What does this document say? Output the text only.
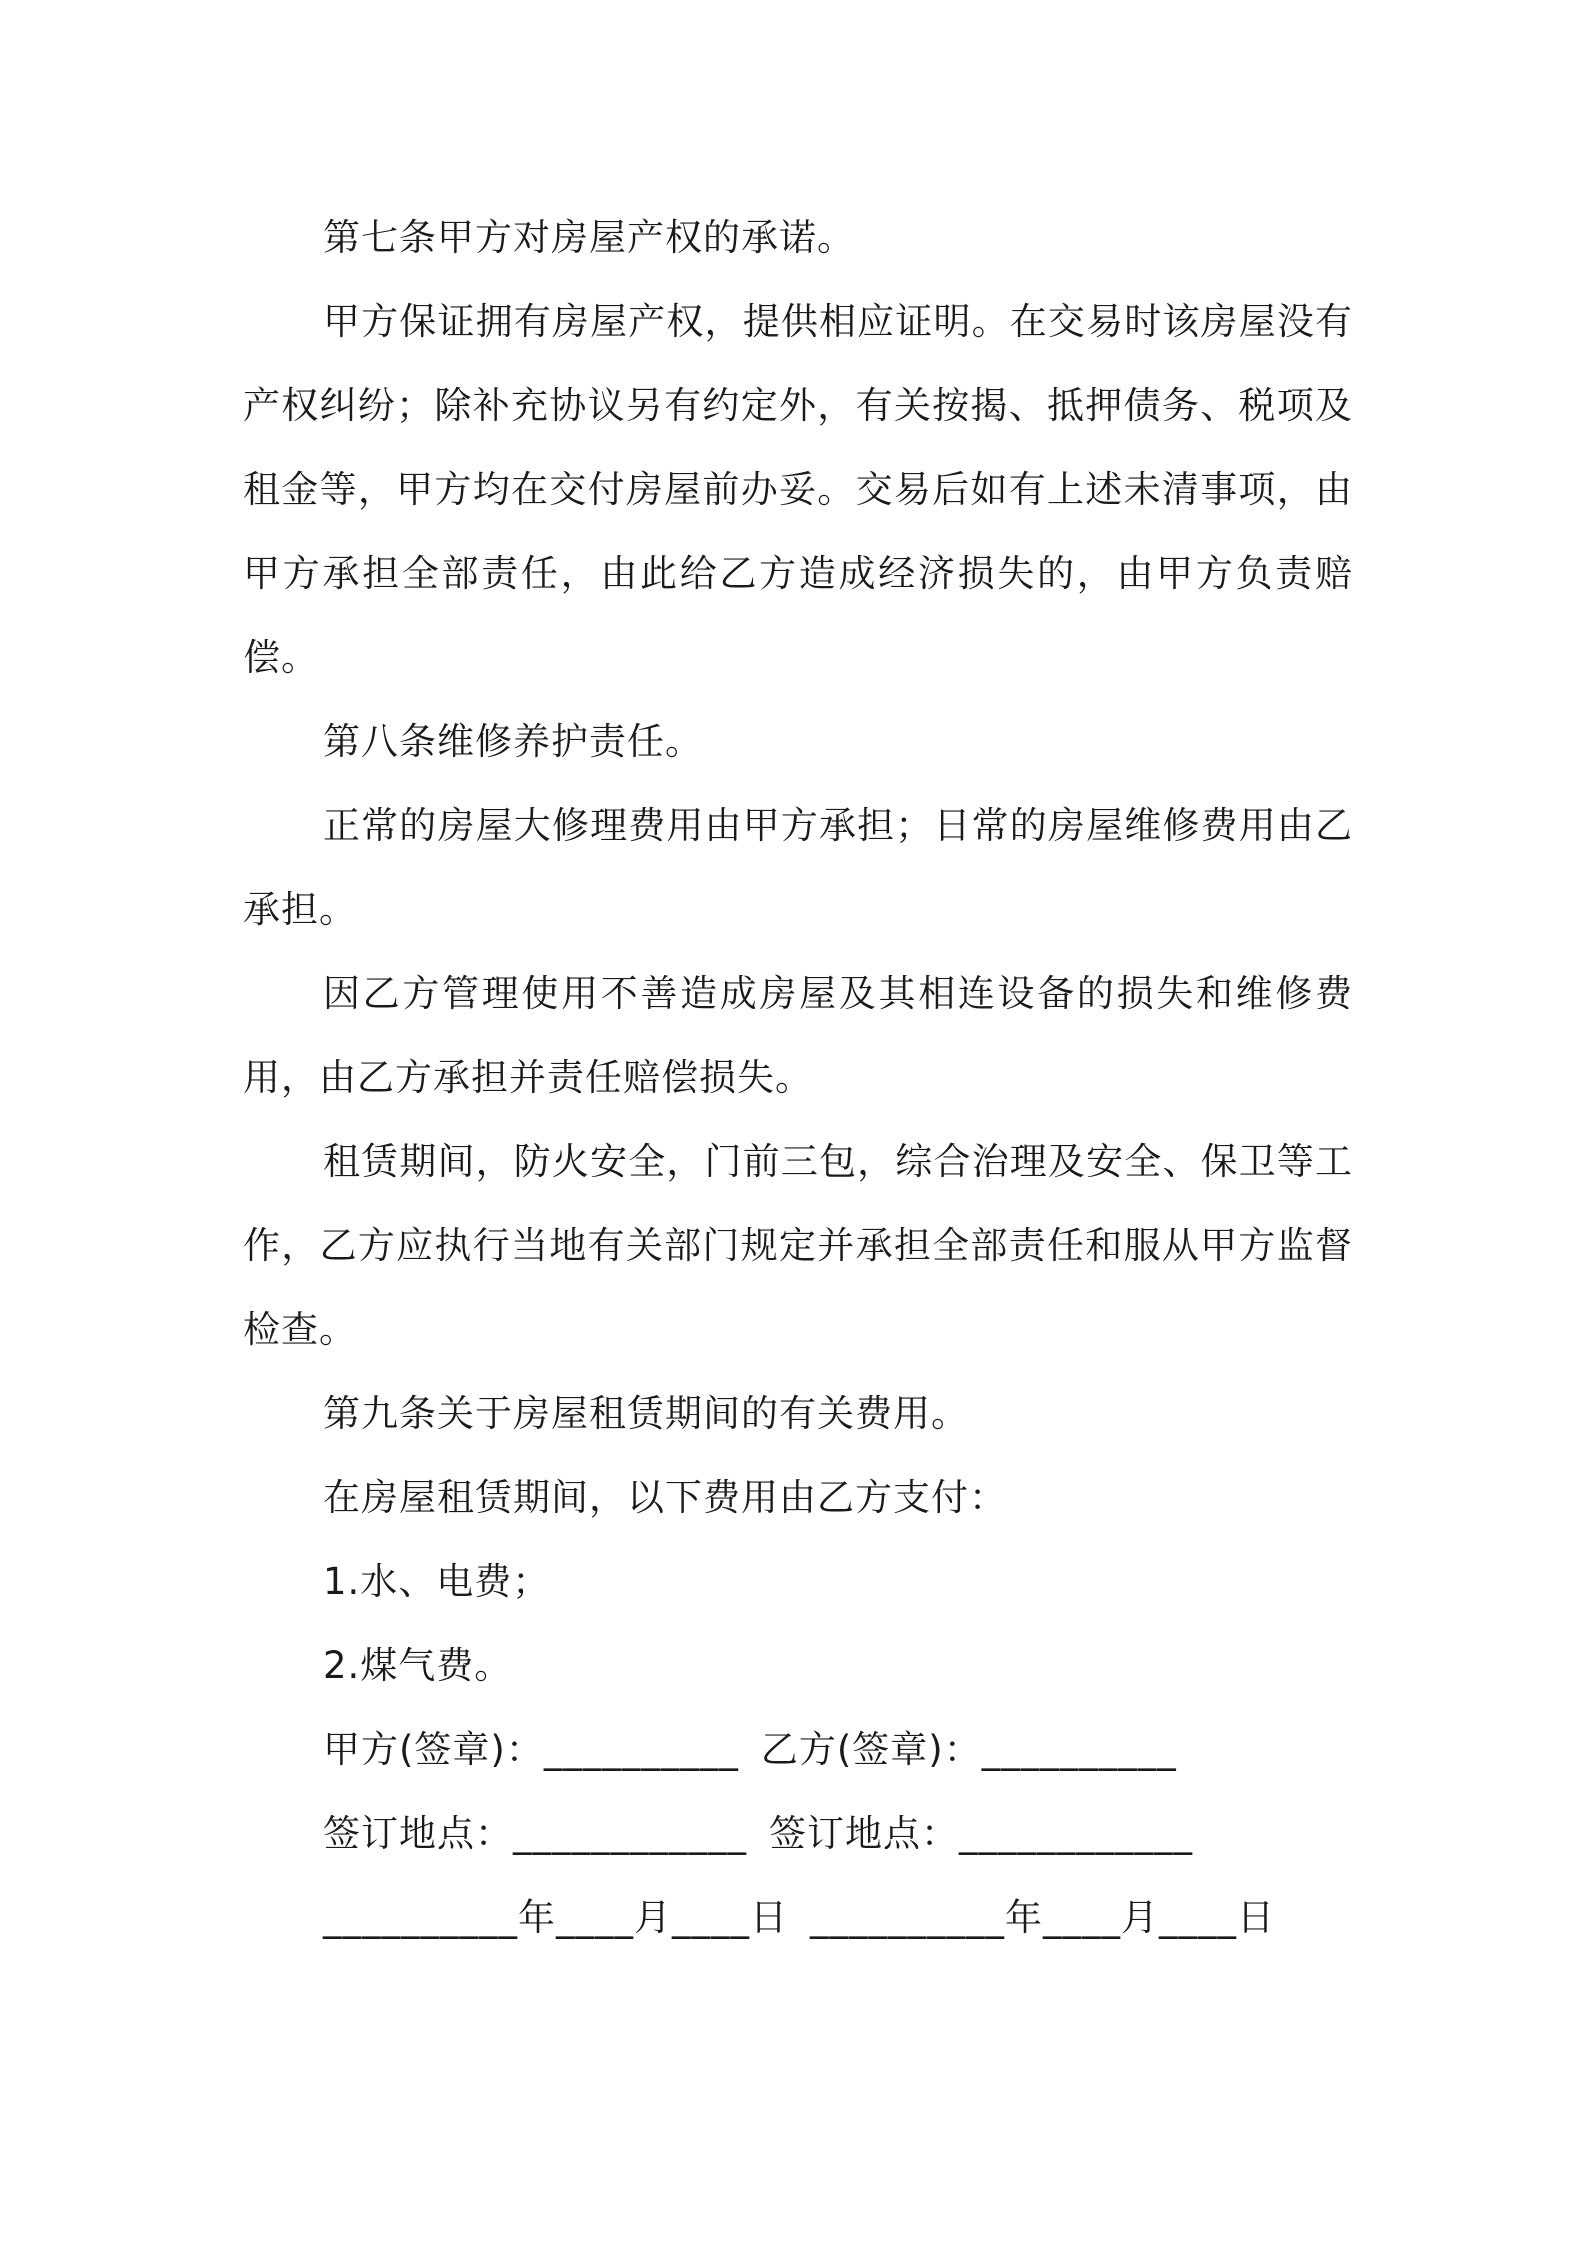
第七条甲方对房屋产权的承诺。

甲方保证拥有房屋产权，提供相应证明。在交易时该房屋没有产权纠纷；除补充协议另有约定外，有关按揭、抵押债务、税项及租金等，甲方均在交付房屋前办妥。交易后如有上述未清事项，由甲方承担全部责任，由此给乙方造成经济损失的，由甲方负责赔偿。

第八条维修养护责任。

正常的房屋大修理费用由甲方承担；日常的房屋维修费用由乙承担。

因乙方管理使用不善造成房屋及其相连设备的损失和维修费用，由乙方承担并责任赔偿损失。

租赁期间，防火安全，门前三包，综合治理及安全、保卫等工作，乙方应执行当地有关部门规定并承担全部责任和服从甲方监督检查。

第九条关于房屋租赁期间的有关费用。

在房屋租赁期间，以下费用由乙方支付：

1.水、电费；

2.煤气费。

甲方(签章)：__________ 乙方(签章)：__________
签订地点：____________ 签订地点：____________
__________年____月____日 __________年____月____日
